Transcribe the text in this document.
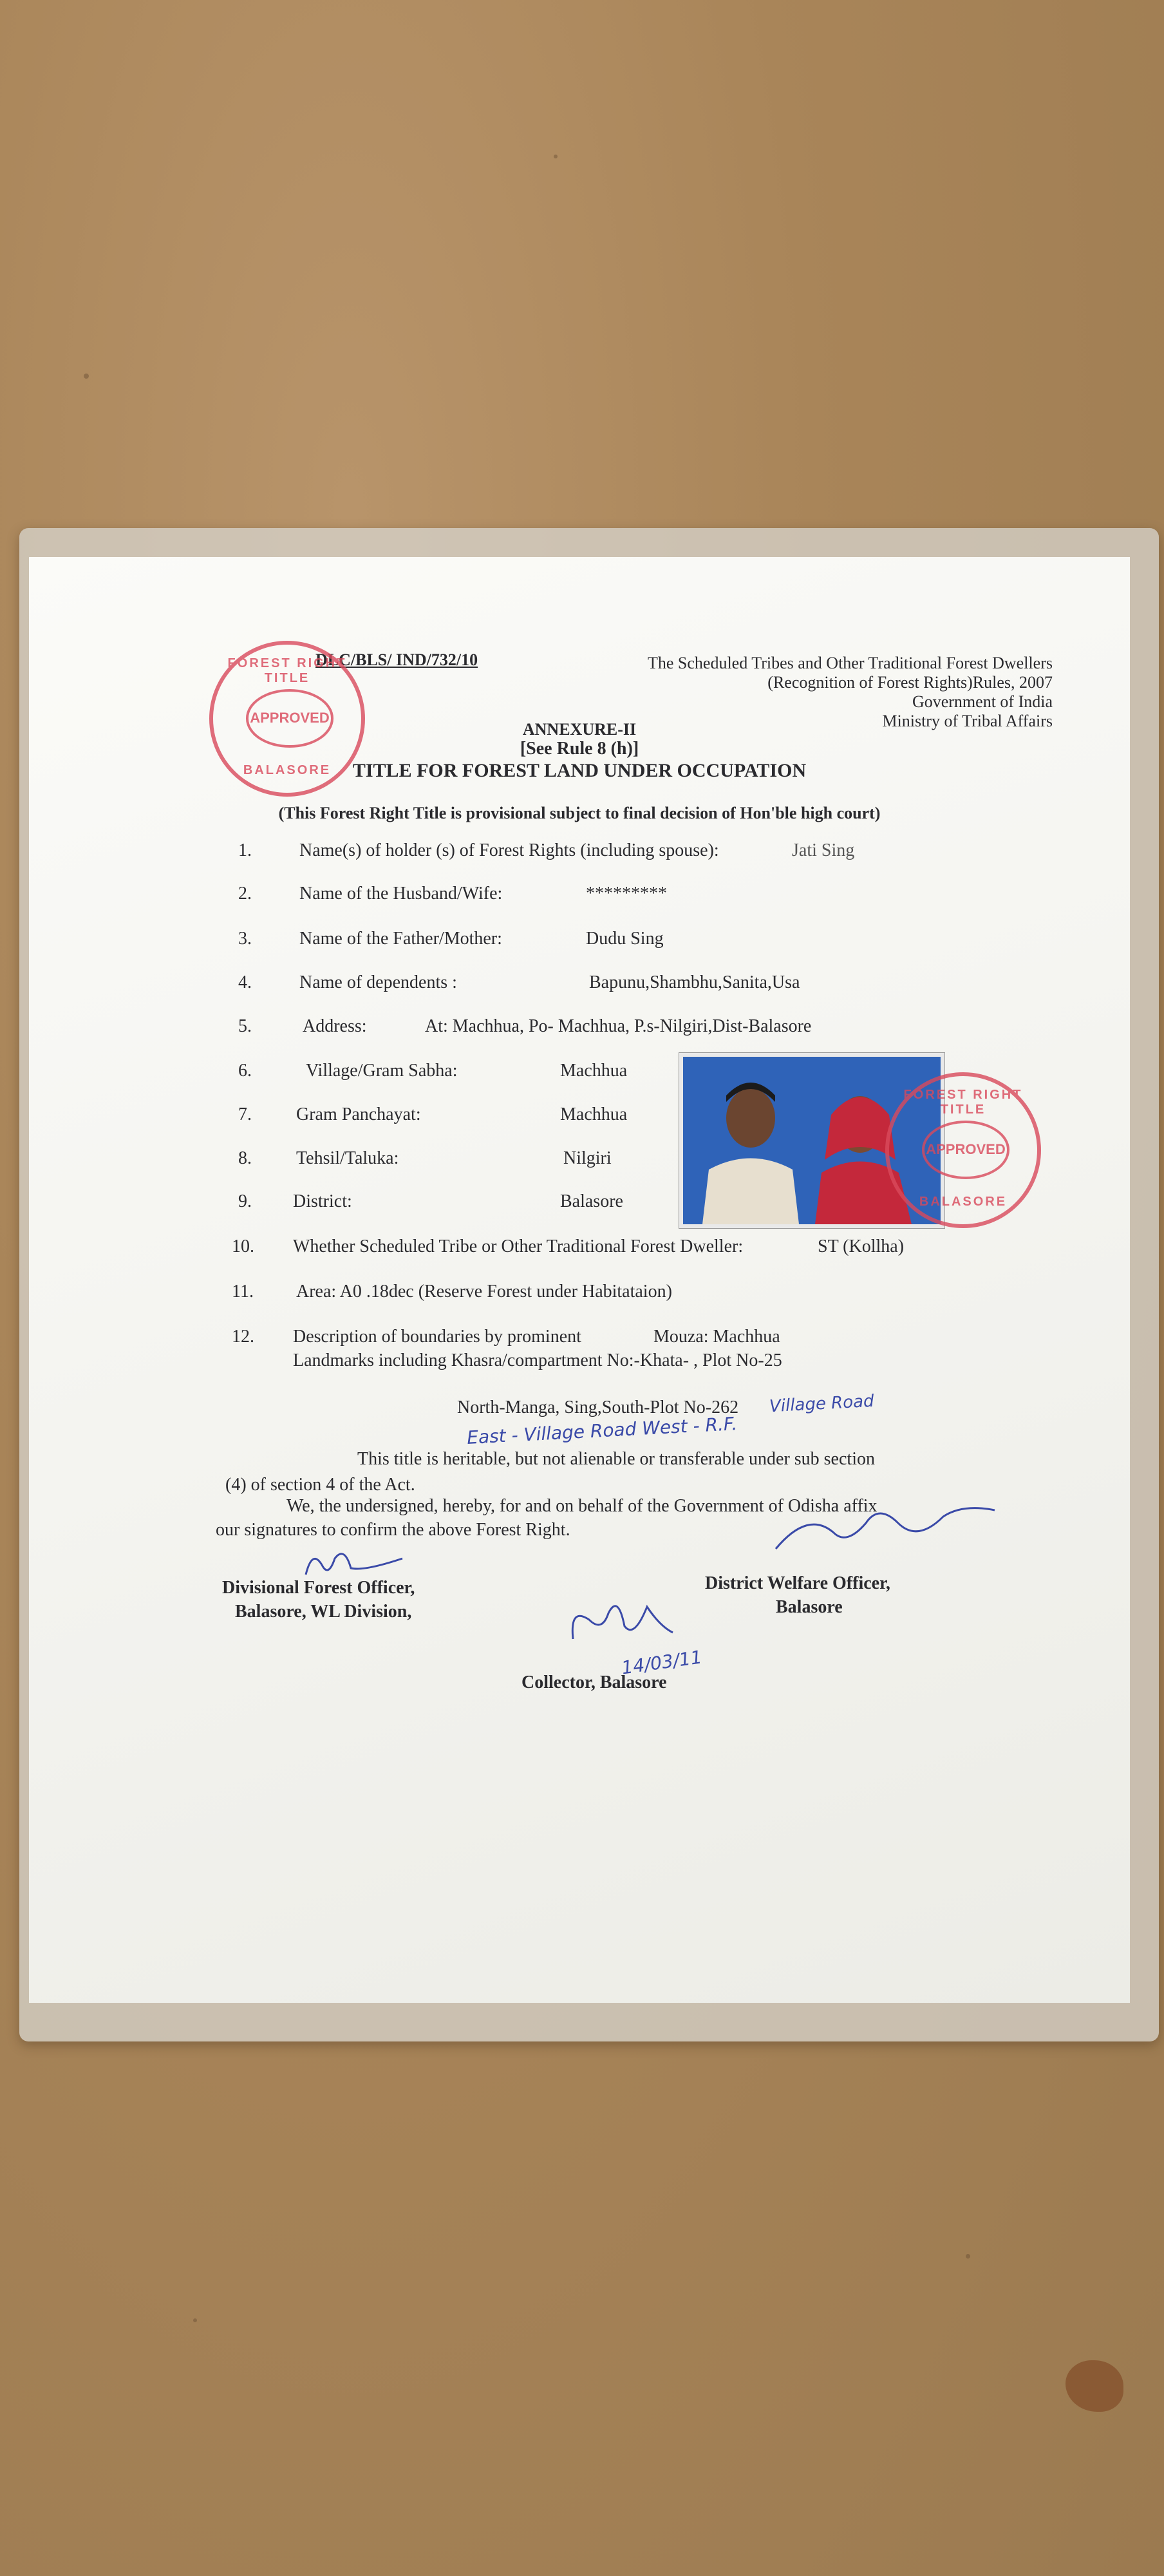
DLC/BLS/ IND/732/10	The Scheduled Tribes and Other Traditional Forest Dwellers
(Recognition of Forest Rights)Rules, 2007
Government of India
Ministry of Tribal Affairs
FOREST RIGHT TITLE
APPROVED
BALASORE
ANNEXURE-II
[See Rule 8 (h)]
TITLE FOR FOREST LAND UNDER OCCUPATION
(This Forest Right Title is provisional subject to final decision of Hon'ble high court)
1.	Name(s) of holder (s) of Forest Rights (including spouse):	Jati Sing
2.	Name of the Husband/Wife:	*********
3.	Name of the Father/Mother:	Dudu Sing
4.	Name of dependents :	Bapunu,Shambhu,Sanita,Usa
5.	Address:	At: Machhua, Po- Machhua, P.s-Nilgiri,Dist-Balasore
6.	Village/Gram Sabha:	Machhua
7. Gram Panchayat:	Machhua
8. Tehsil/Taluka:	Nilgiri
9. District:	Balasore
10. Whether Scheduled Tribe or Other Traditional Forest Dweller:	ST (Kollha)
11. Area: A0 .18dec (Reserve Forest under Habitataion)
12. Description of boundaries by prominent	Mouza: Machhua
Landmarks including Khasra/compartment No:-Khata- , Plot No-25
FOREST RIGHT TITLE
APPROVED
BALASORE
North-Manga, Sing,South-Plot No-262 Village Road
East - Village Road West - R.F.
This title is heritable, but not alienable or transferable under sub section
(4) of section 4 of the Act.
We, the undersigned, hereby, for and on behalf of the Government of Odisha affix
our signatures to confirm the above Forest Right.
Divisional Forest Officer,
Balasore, WL Division,
District Welfare Officer,
Balasore
14/03/11
Collector, Balasore
